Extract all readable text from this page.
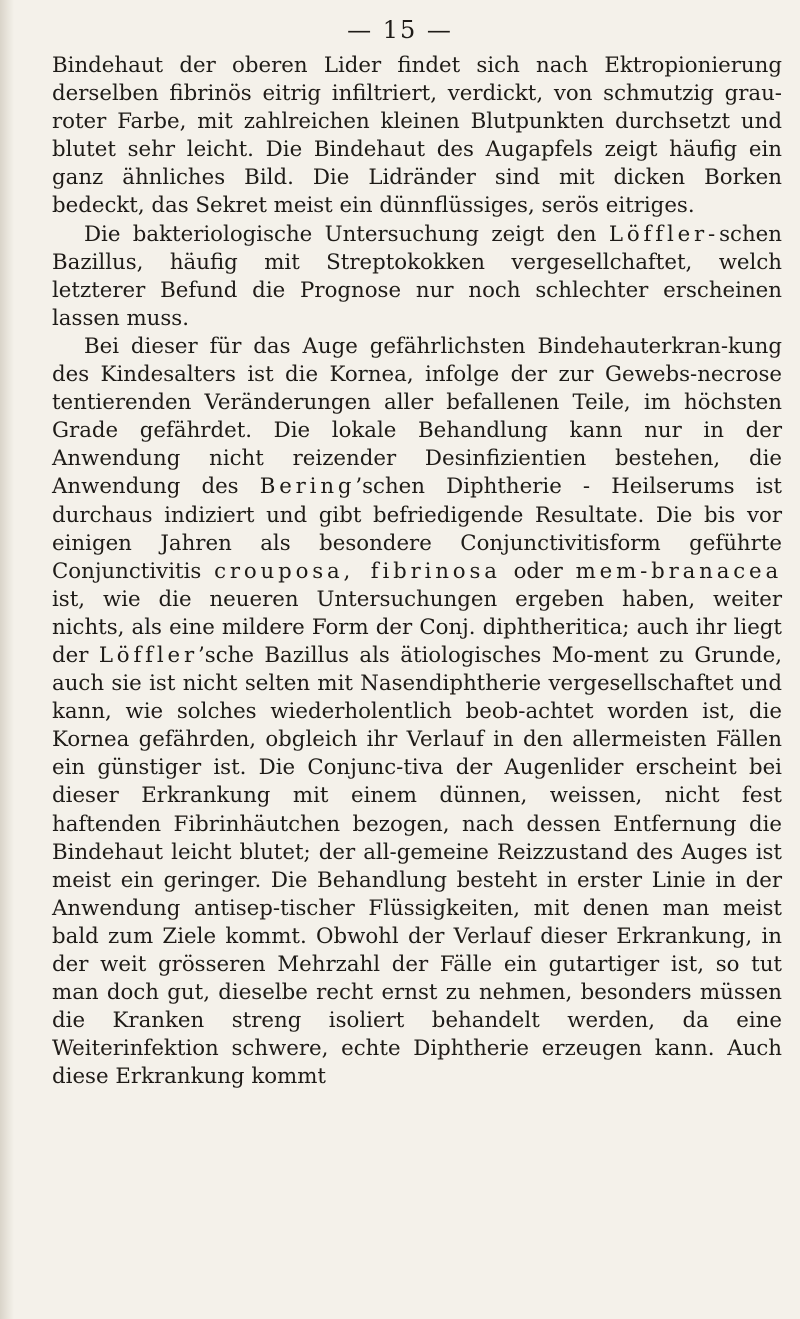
— 15 —

Bindehaut der oberen Lider findet sich nach Ektropionierung derselben fibrinös eitrig infiltriert, verdickt, von schmutzig grau-roter Farbe, mit zahlreichen kleinen Blutpunkten durchsetzt und blutet sehr leicht. Die Bindehaut des Augapfels zeigt häufig ein ganz ähnliches Bild. Die Lidränder sind mit dicken Borken bedeckt, das Sekret meist ein dünnflüssiges, serös eitriges.

Die bakteriologische Untersuchung zeigt den Löffler-schen Bazillus, häufig mit Streptokokken vergesellchaftet, welch letzterer Befund die Prognose nur noch schlechter erscheinen lassen muss.

Bei dieser für das Auge gefährlichsten Bindehauterkran-kung des Kindesalters ist die Kornea, infolge der zur Gewebs-necrose tentierenden Veränderungen aller befallenen Teile, im höchsten Grade gefährdet. Die lokale Behandlung kann nur in der Anwendung nicht reizender Desinfizientien bestehen, die Anwendung des Bering’schen Diphtherie - Heilserums ist durchaus indiziert und gibt befriedigende Resultate. Die bis vor einigen Jahren als besondere Conjunctivitisform geführte Conjunctivitis crouposa, fibrinosa oder mem-branacea ist, wie die neueren Untersuchungen ergeben haben, weiter nichts, als eine mildere Form der Conj. diphtheritica; auch ihr liegt der Löffler’sche Bazillus als ätiologisches Mo-ment zu Grunde, auch sie ist nicht selten mit Nasendiphtherie vergesellschaftet und kann, wie solches wiederholentlich beob-achtet worden ist, die Kornea gefährden, obgleich ihr Verlauf in den allermeisten Fällen ein günstiger ist. Die Conjunc-tiva der Augenlider erscheint bei dieser Erkrankung mit einem dünnen, weissen, nicht fest haftenden Fibrinhäutchen bezogen, nach dessen Entfernung die Bindehaut leicht blutet; der all-gemeine Reizzustand des Auges ist meist ein geringer. Die Behandlung besteht in erster Linie in der Anwendung antisep-tischer Flüssigkeiten, mit denen man meist bald zum Ziele kommt. Obwohl der Verlauf dieser Erkrankung, in der weit grösseren Mehrzahl der Fälle ein gutartiger ist, so tut man doch gut, dieselbe recht ernst zu nehmen, besonders müssen die Kranken streng isoliert behandelt werden, da eine Weiterinfektion schwere, echte Diphtherie erzeugen kann. Auch diese Erkrankung kommt
